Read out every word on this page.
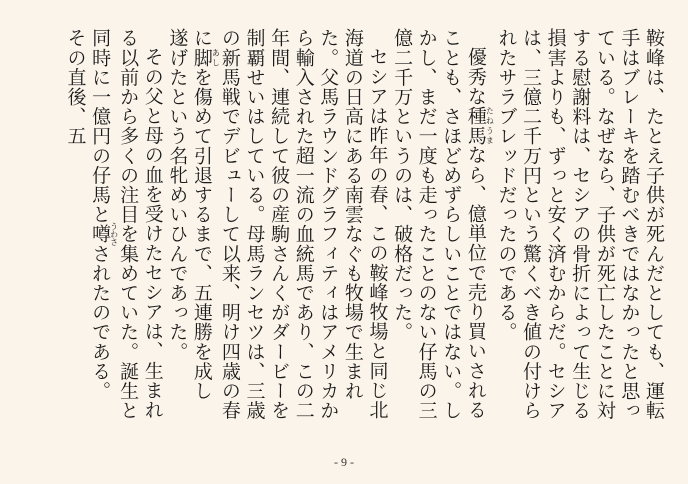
鞍峰は、たとえ子供が死んだとしても、運転手はブレーキを踏むべきではなかったと思っている。なぜなら、子供が死亡したことに対する慰謝料は、セシアの骨折によって生じる損害よりも、ずっと安く済むからだ。セシアは、三億二千万円という驚くべき値の付けられたサラブレッドだったのである。

優秀な種馬たねうまなら、億単位で売り買いされることも、さほどめずらしいことではない。しかし、まだ一度も走ったことのない仔馬の三億二千万というのは、破格だった。

セシアは昨年の春、この鞍峰牧場と同じ北海道の日高にある南雲なぐも牧場で生まれた。父馬ラウンドグラフィティはアメリカから輸入された超一流の血統馬であり、この二年間、連続して彼の産駒さんくがダービーを制覇せいはしている。母馬ランセツは、三歳の新馬戦でデビューして以来、明け四歳の春に脚あしを傷めて引退するまで、五連勝を成し遂げたという名牝めいひんであった。

その父と母の血を受けたセシアは、生まれる以前から多くの注目を集めていた。誕生と同時に一億円の仔馬と噂うわさされたのである。その直後、五

- 9 -
